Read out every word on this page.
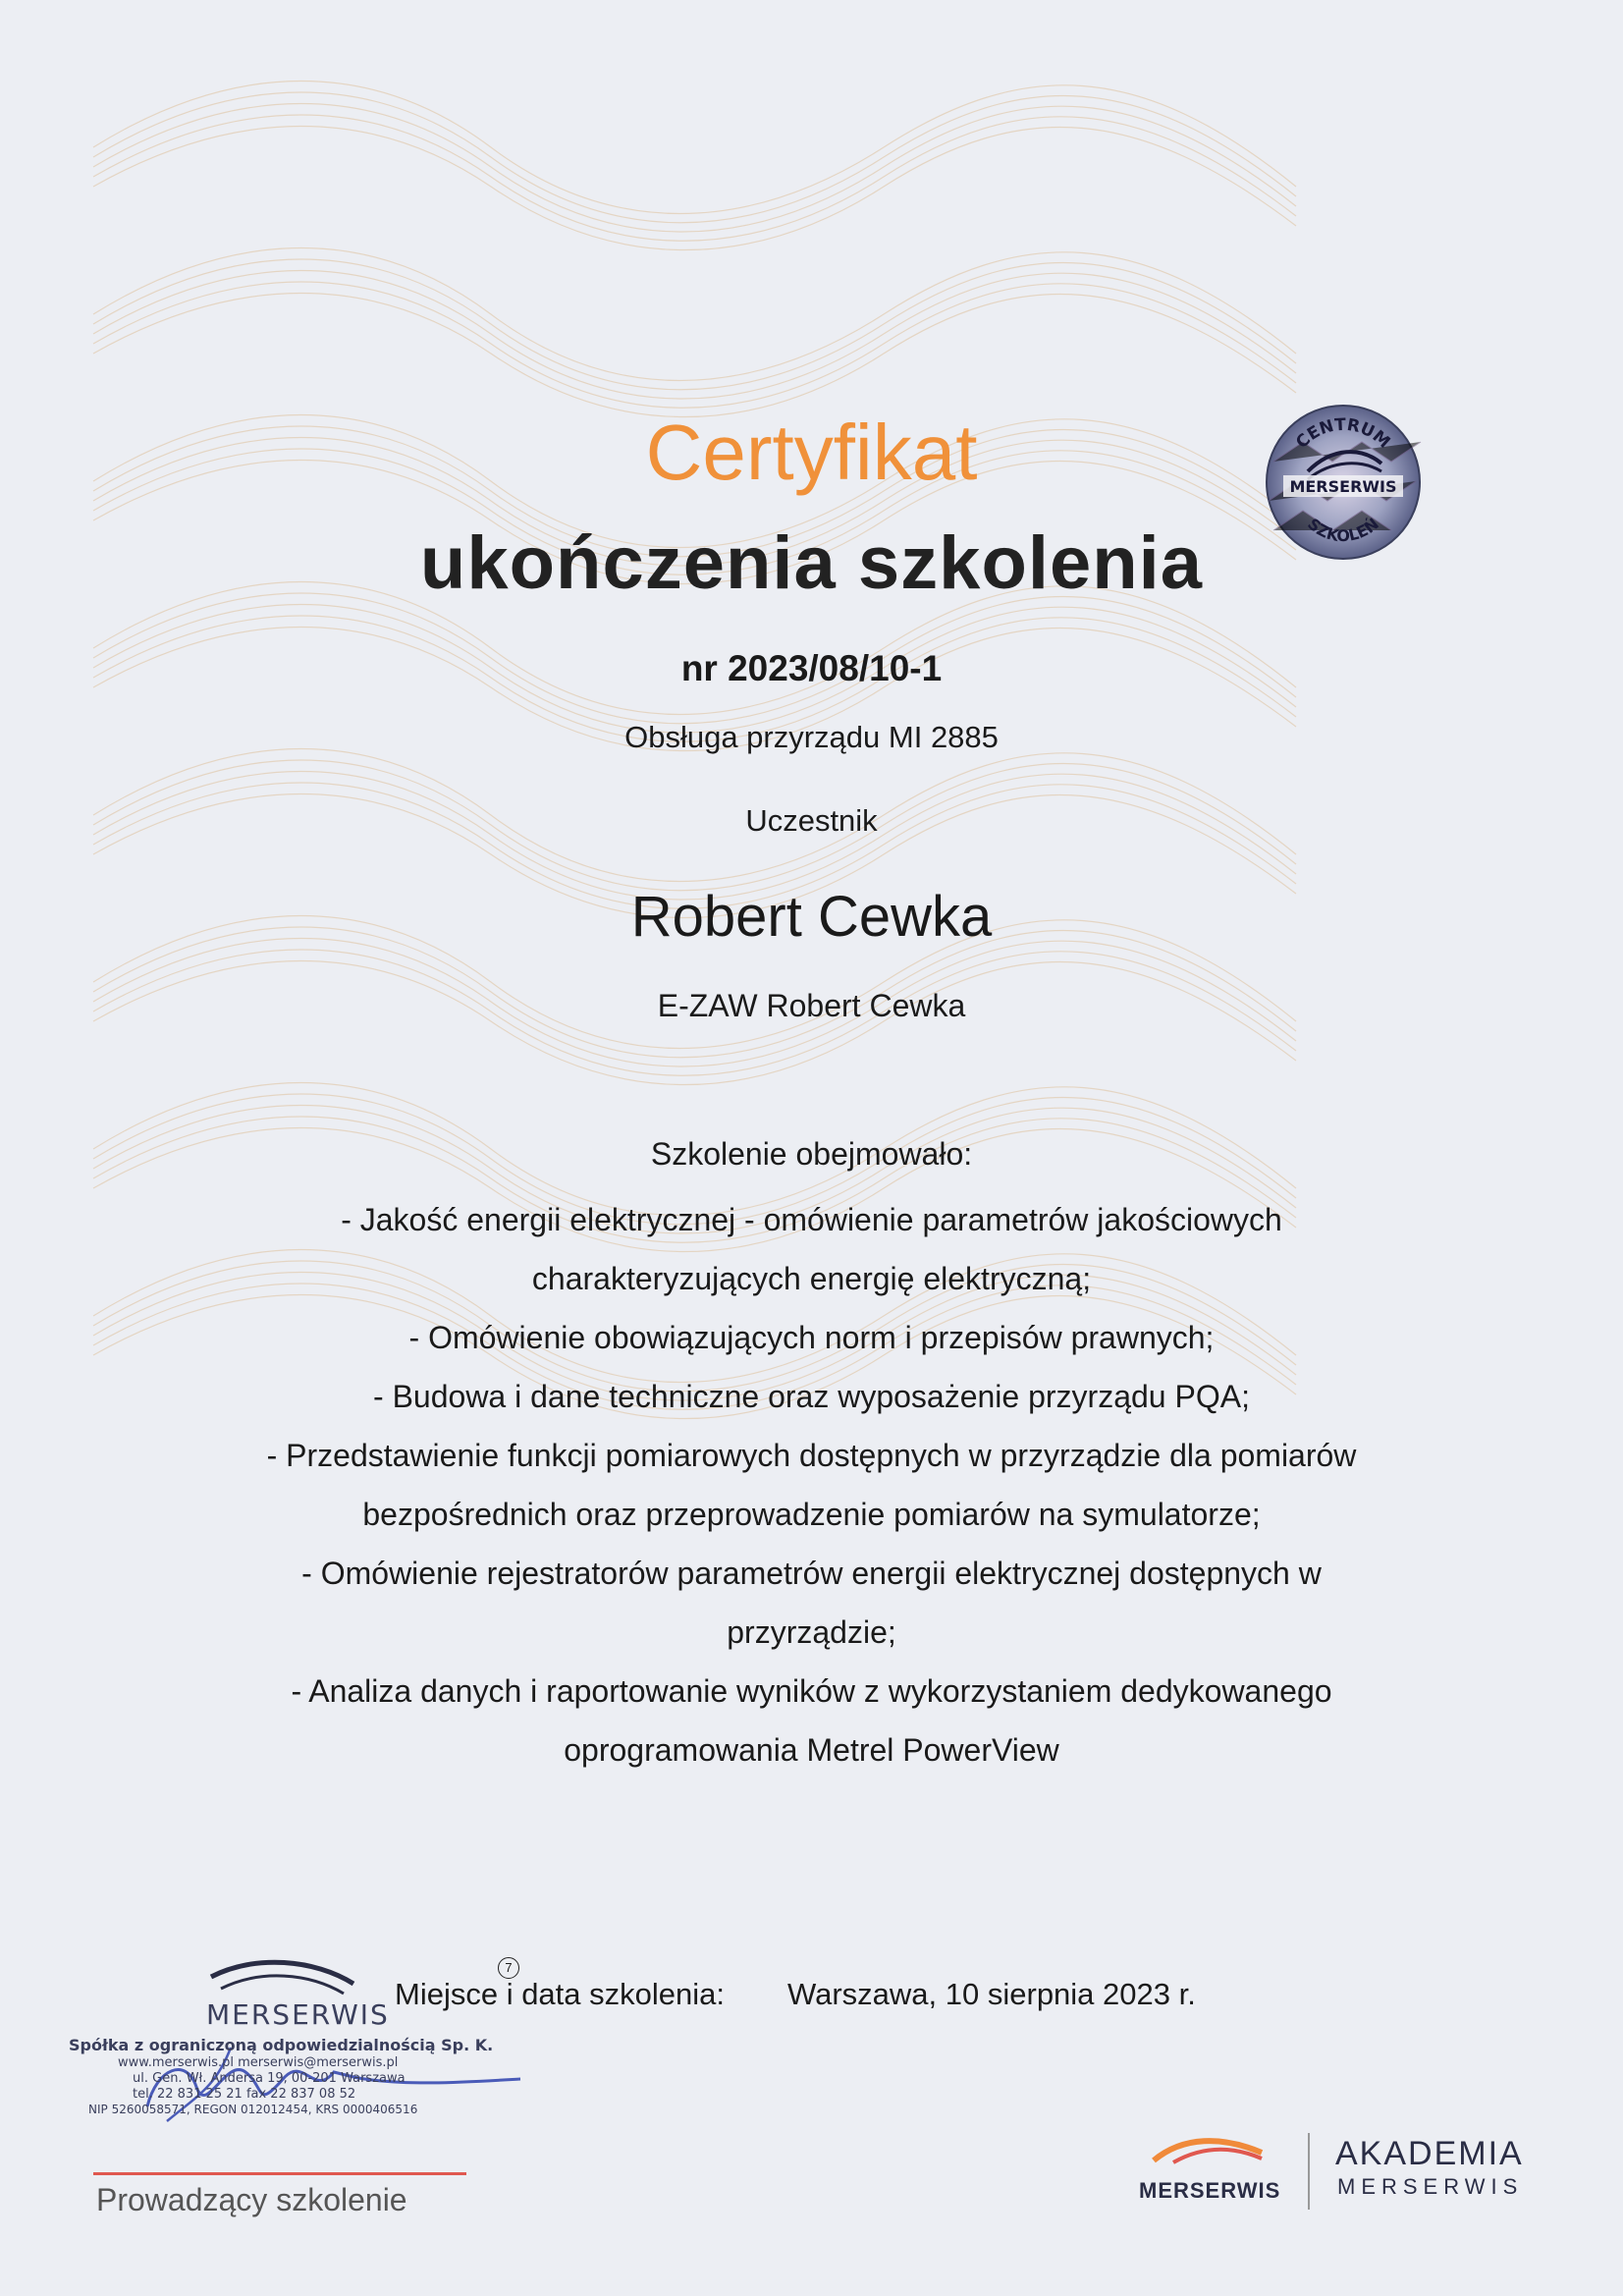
MERSERWIS
CENTRUM
SZKOLEŃ
Certyfikat
ukończenia szkolenia
nr 2023/08/10-1
Obsługa przyrządu MI 2885
Uczestnik
Robert Cewka
E-ZAW Robert Cewka
Szkolenie obejmowało:
- Jakość energii elektrycznej - omówienie parametrów jakościowych
charakteryzujących energię elektryczną;
- Omówienie obowiązujących norm i przepisów prawnych;
- Budowa i dane techniczne oraz wyposażenie przyrządu PQA;
- Przedstawienie funkcji pomiarowych dostępnych w przyrządzie dla pomiarów
bezpośrednich oraz przeprowadzenie pomiarów na symulatorze;
- Omówienie rejestratorów parametrów energii elektrycznej dostępnych w
przyrządzie;
- Analiza danych i raportowanie wyników z wykorzystaniem dedykowanego
oprogramowania Metrel PowerView
7
Miejsce i data szkolenia: Warszawa, 10 sierpnia 2023 r.
MERSERWIS
Spółka z ograniczoną odpowiedzialnością Sp. K.
www.merserwis.pl merserwis@merserwis.pl
ul. Gen. Wł. Andersa 19, 00-201 Warszawa
tel. 22 831 25 21 fax 22 837 08 52
NIP 5260058571, REGON 012012454, KRS 0000406516
Prowadzący szkolenie	MERSERWIS
AKADEMIA
MERSERWIS
